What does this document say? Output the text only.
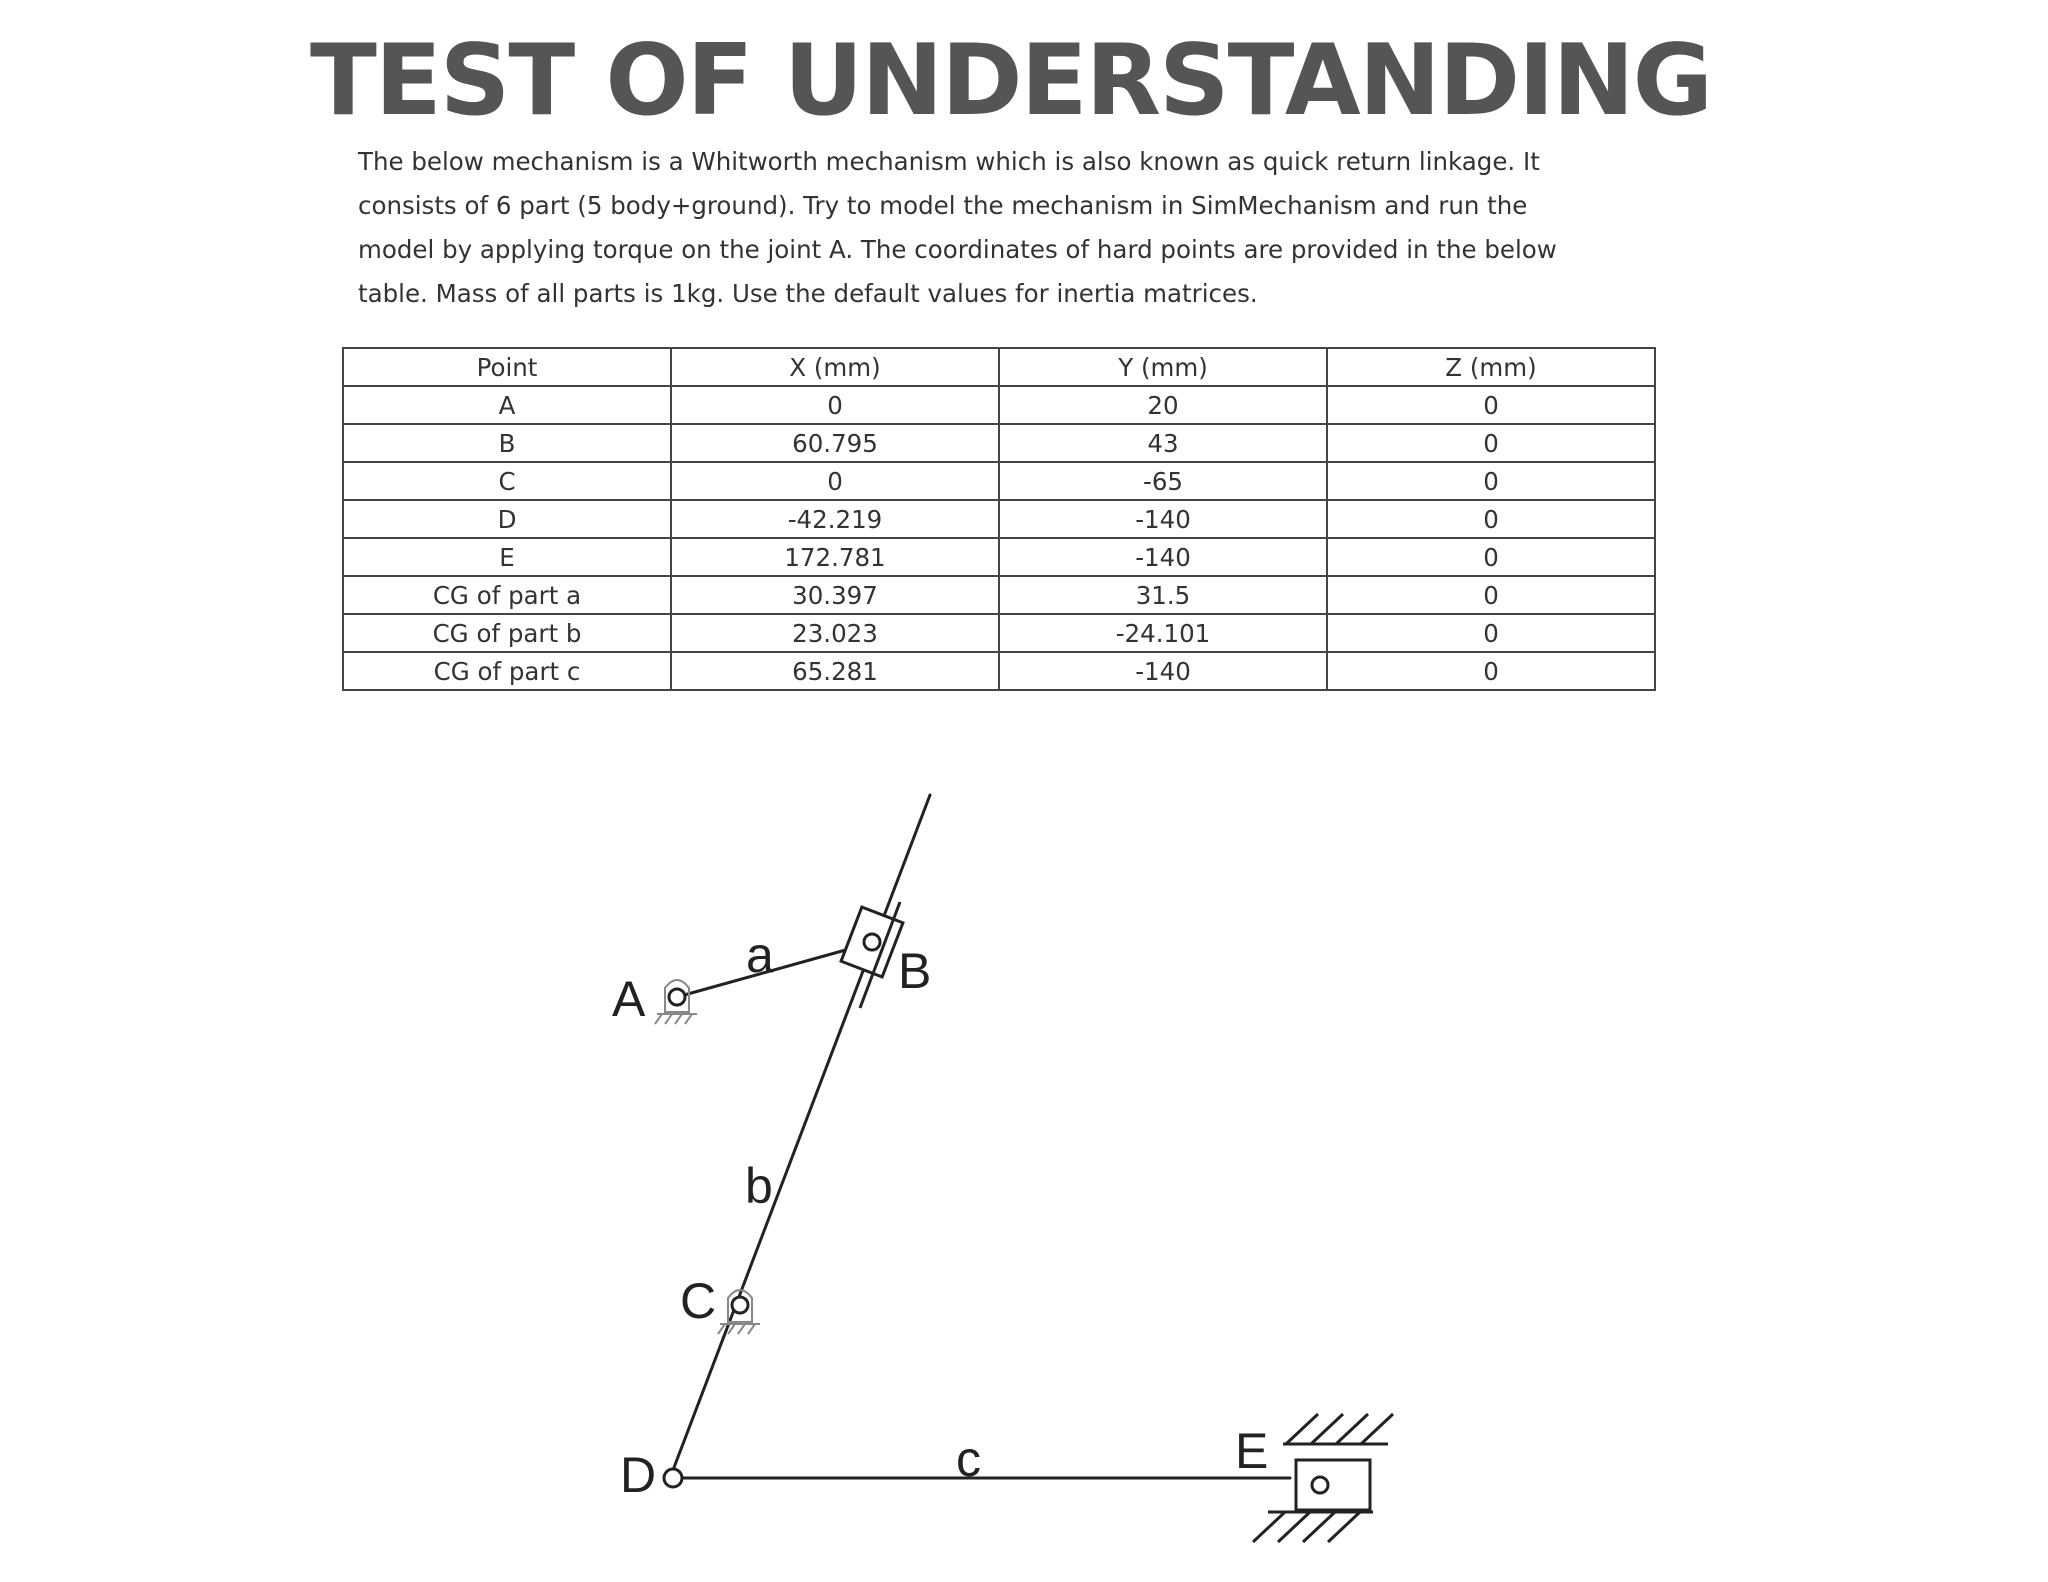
TEST OF UNDERSTANDING

The below mechanism is a Whitworth mechanism which is also known as quick return linkage. It
consists of 6 part (5 body+ground). Try to model the mechanism in SimMechanism and run the
model by applying torque on the joint A. The coordinates of hard points are provided in the below
table. Mass of all parts is 1kg. Use the default values for inertia matrices.

Point	X (mm)	Y (mm)	Z (mm)
A	0	20	0
B	60.795	43	0
C	0	-65	0
D	-42.219	-140	0
E	172.781	-140	0
CG of part a	30.397	31.5	0
CG of part b	23.023	-24.101	0
CG of part c	65.281	-140	0
A
a B
b
C
D	c	E
